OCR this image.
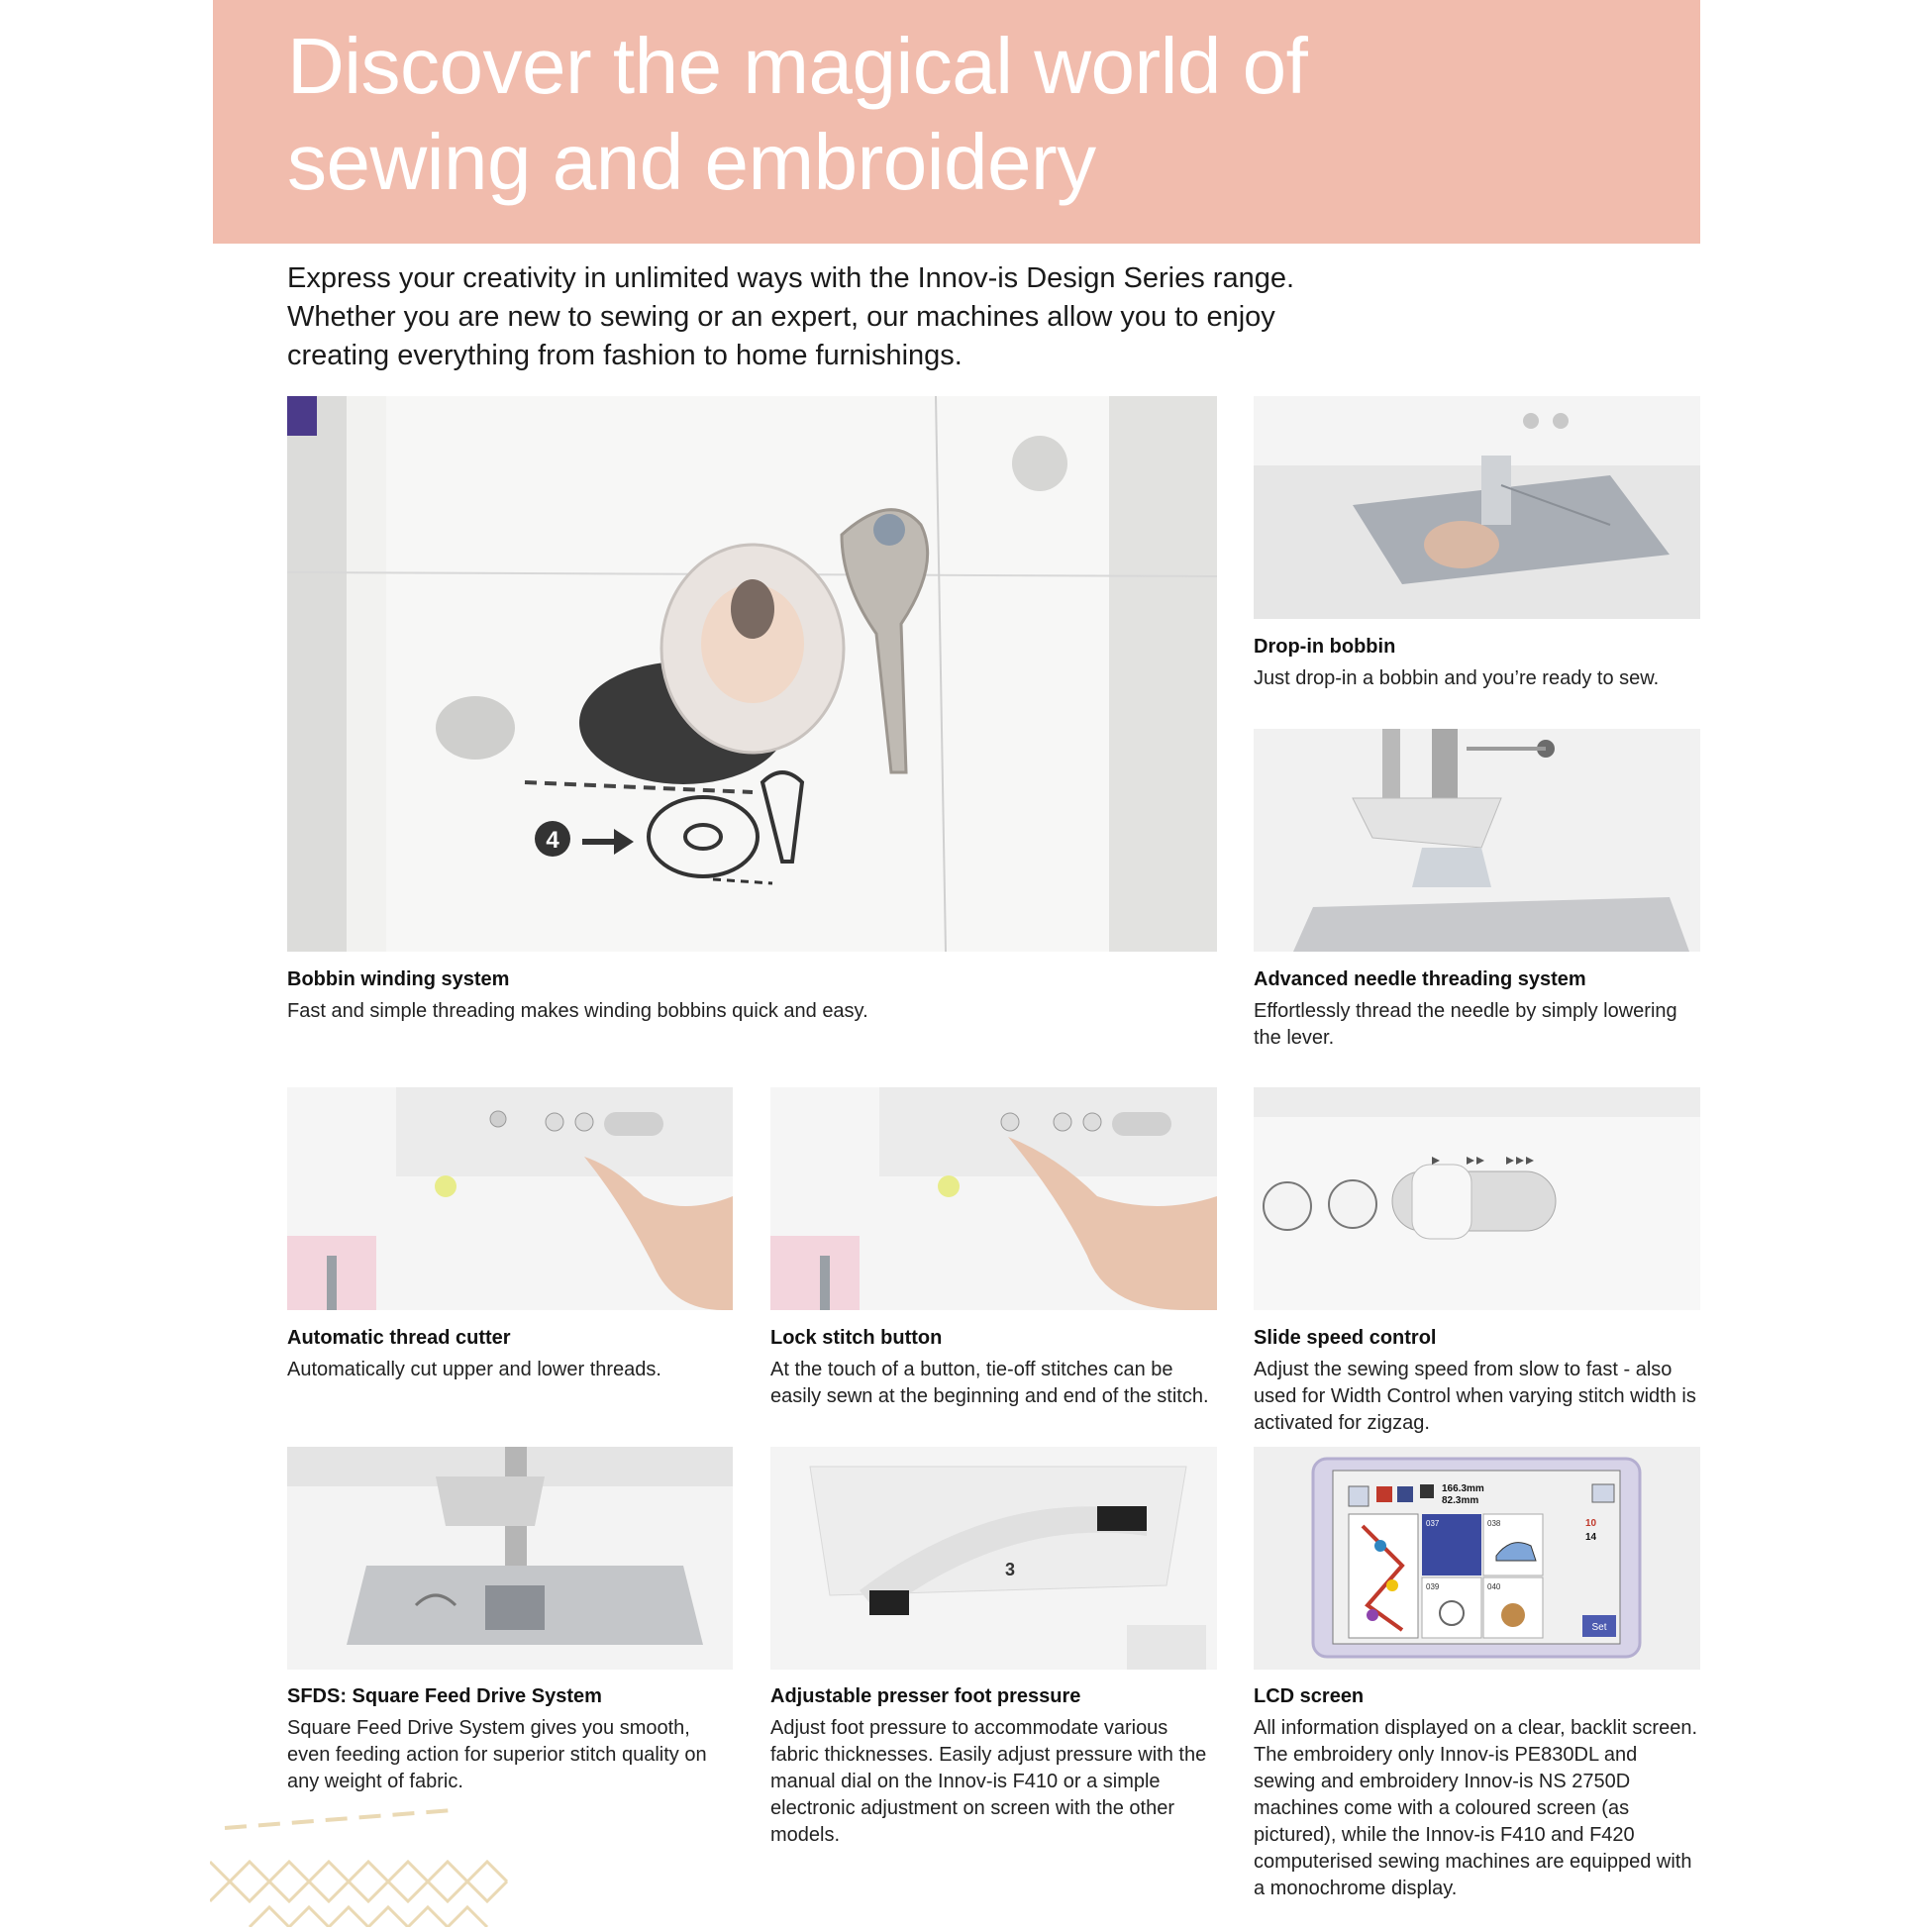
Discover the magical world of
sewing and embroidery
Express your creativity in unlimited ways with the Innov-is Design Series range.
Whether you are new to sewing or an expert, our machines allow you to enjoy
creating everything from fashion to home furnishings.
4
3
166.3mm
82.3mm
037	038
039	040
10
14
Set

Bobbin winding system

Fast and simple threading makes winding bobbins quick and easy.

Drop-in bobbin

Just drop-in a bobbin and you’re ready to sew.

Advanced needle threading system

Effortlessly thread the needle by simply lowering the lever.

Automatic thread cutter

Automatically cut upper and lower threads.

Lock stitch button

At the touch of a button, tie-off stitches can be easily sewn at the beginning and end of the stitch.

Slide speed control

Adjust the sewing speed from slow to fast - also used for Width Control when varying stitch width is activated for zigzag.

SFDS: Square Feed Drive System

Square Feed Drive System gives you smooth, even feeding action for superior stitch quality on any weight of fabric.

Adjustable presser foot pressure

Adjust foot pressure to accommodate various fabric thicknesses. Easily adjust pressure with the manual dial on the Innov-is F410 or a simple electronic adjustment on screen with the other models.

LCD screen

All information displayed on a clear, backlit screen. The embroidery only Innov-is PE830DL and sewing and embroidery Innov-is NS 2750D machines come with a coloured screen (as pictured), while the Innov-is F410 and F420 computerised sewing machines are equipped with a monochrome display.
